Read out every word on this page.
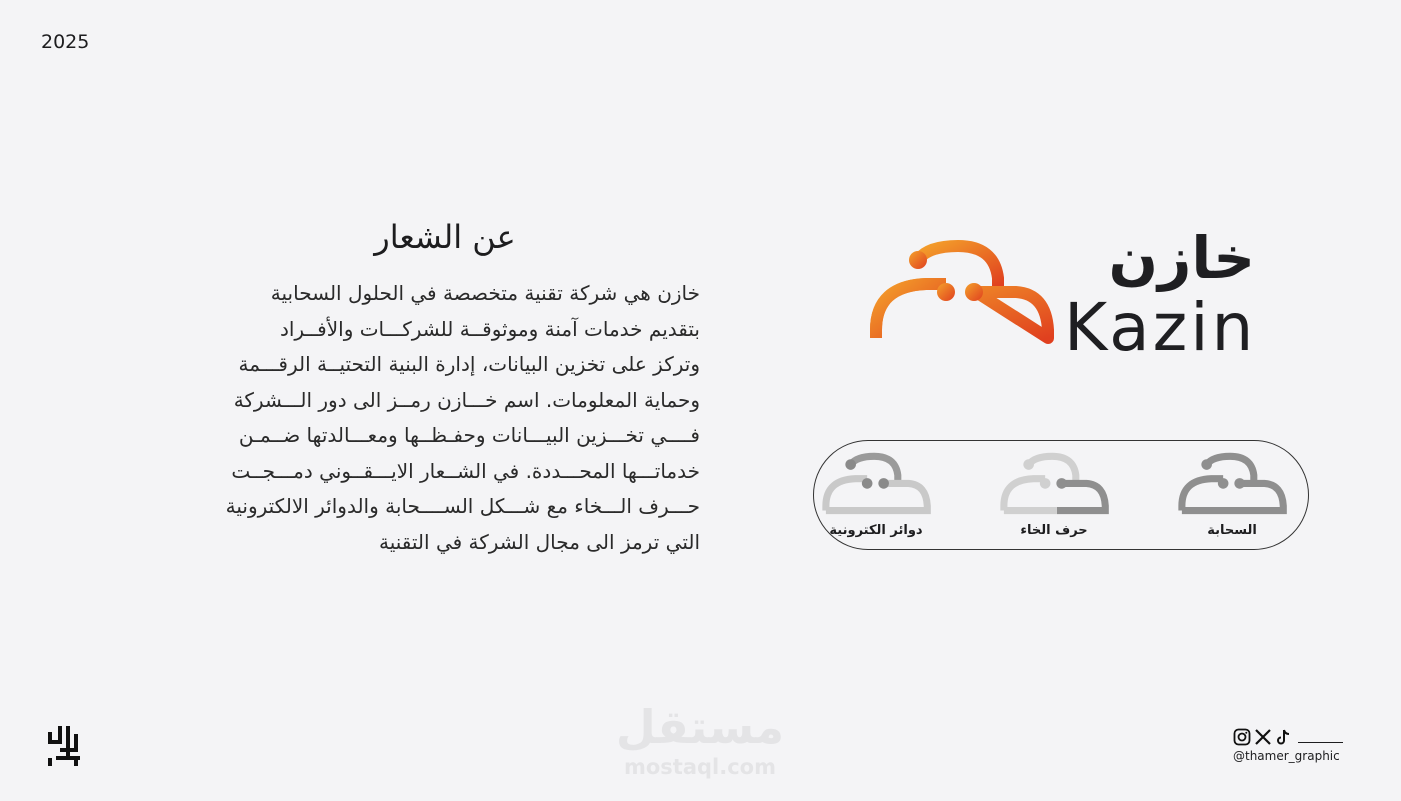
2025
عن الشعار
خازن هي شركة تقنية متخصصة في الحلول السحابية
بتقديم خدمات آمنة وموثوقــة للشركـــات والأفــراد
وتركز على تخزين البيانات، إدارة البنية التحتيــة الرقـــمة
وحماية المعلومات. اسم خـــازن رمــز الى دور الـــشركة
فــــي تخـــزين البيـــانات وحفـظــها ومعـــالدتها ضــمـن
خدماتـــها المحـــددة. في الشــعار الايـــقــوني دمـــجــت
حـــرف الـــخاء مع شـــكل الســــحابة والدوائر الالكترونية
التي ترمز الى مجال الشركة في التقنية
خازن
Kazin
دوائر الكترونية	حرف الخاء	السحابة
مستقل
mostaql.com	@thamer_graphic
